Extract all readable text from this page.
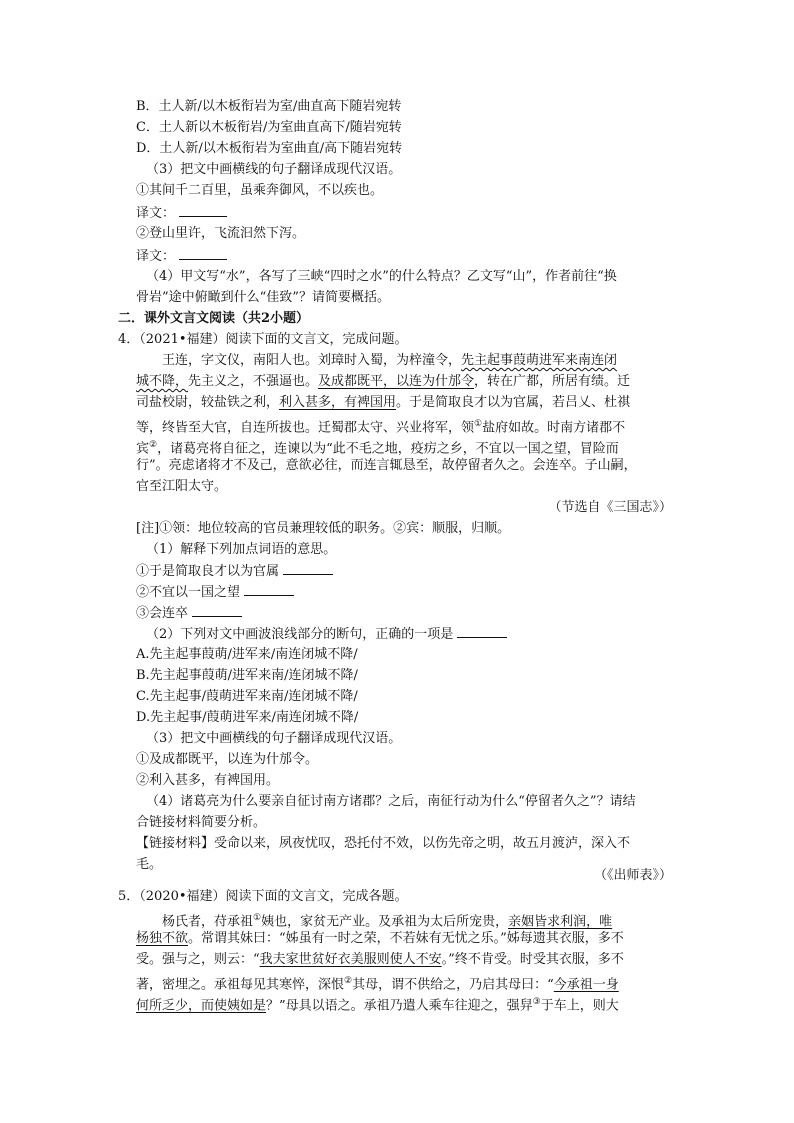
B．土人新/以木板衔岩为室/曲直高下随岩宛转
C．土人新以木板衔岩/为室曲直高下/随岩宛转
D．土人新/以木板衔岩为室曲直/高下随岩宛转
（3）把文中画横线的句子翻译成现代汉语。
①其间千二百里，虽乘奔御风，不以疾也。
译文：
②登山里许，飞流汩然下泻。
译文：
（4）甲文写“水”，各写了三峡“四时之水”的什么特点？乙文写“山”，作者前往“换
骨岩”途中俯瞰到什么“佳致”？请简要概括。
二．课外文言文阅读（共2小题）
4．（2021•福建）阅读下面的文言文，完成问题。
王连，字文仪，南阳人也。刘璋时入蜀，为梓潼令，先主起事葭萌进军来南连闭
城不降，先主义之，不强逼也。及成都既平，以连为什邡令，转在广都，所居有绩。迁
司盐校尉，较盐铁之利，利入甚多，有裨国用。于是简取良才以为官属，若吕乂、杜祺
等，终皆至大官，自连所拔也。迁蜀郡太守、兴业将军，领①盐府如故。时南方诸郡不
宾②，诸葛亮将自征之，连谏以为“此不毛之地，疫疠之乡，不宜以一国之望，冒险而
行”。亮虑诸将才不及己，意欲必往，而连言辄恳至，故停留者久之。会连卒。子山嗣，
官至江阳太守。
（节选自《三国志》）
[注]①领：地位较高的官员兼理较低的职务。②宾：顺服，归顺。
（1）解释下列加点词语的意思。
①于是简取良才以为官属
②不宜以一国之望
③会连卒
（2）下列对文中画波浪线部分的断句，正确的一项是
A.先主起事葭萌/进军来/南连闭城不降/
B.先主起事葭萌/进军来南/连闭城不降/
C.先主起事/葭萌进军来南/连闭城不降/
D.先主起事/葭萌进军来/南连闭城不降/
（3）把文中画横线的句子翻译成现代汉语。
①及成都既平，以连为什邡令。
②利入甚多，有裨国用。
（4）诸葛亮为什么要亲自征讨南方诸郡？之后，南征行动为什么“停留者久之”？请结
合链接材料简要分析。
【链接材料】受命以来，夙夜忧叹，恐托付不效，以伤先帝之明，故五月渡泸，深入不
毛。
（《出师表》）
5．（2020•福建）阅读下面的文言文，完成各题。
杨氏者，苻承祖①姨也，家贫无产业。及承祖为太后所宠贵，亲姻皆求利润，唯
杨独不欲。常谓其妹曰：“姊虽有一时之荣，不若妹有无忧之乐。”姊每遗其衣服，多不
受。强与之，则云：“我夫家世贫好衣美服则使人不安。”终不肯受。时受其衣服，多不
著，密埋之。承祖每见其寒悴，深恨②其母，谓不供给之，乃启其母曰：“今承祖一身
何所乏少，而使姨如是？”母具以语之。承祖乃遣人乘车往迎之，强舁③于车上，则大
